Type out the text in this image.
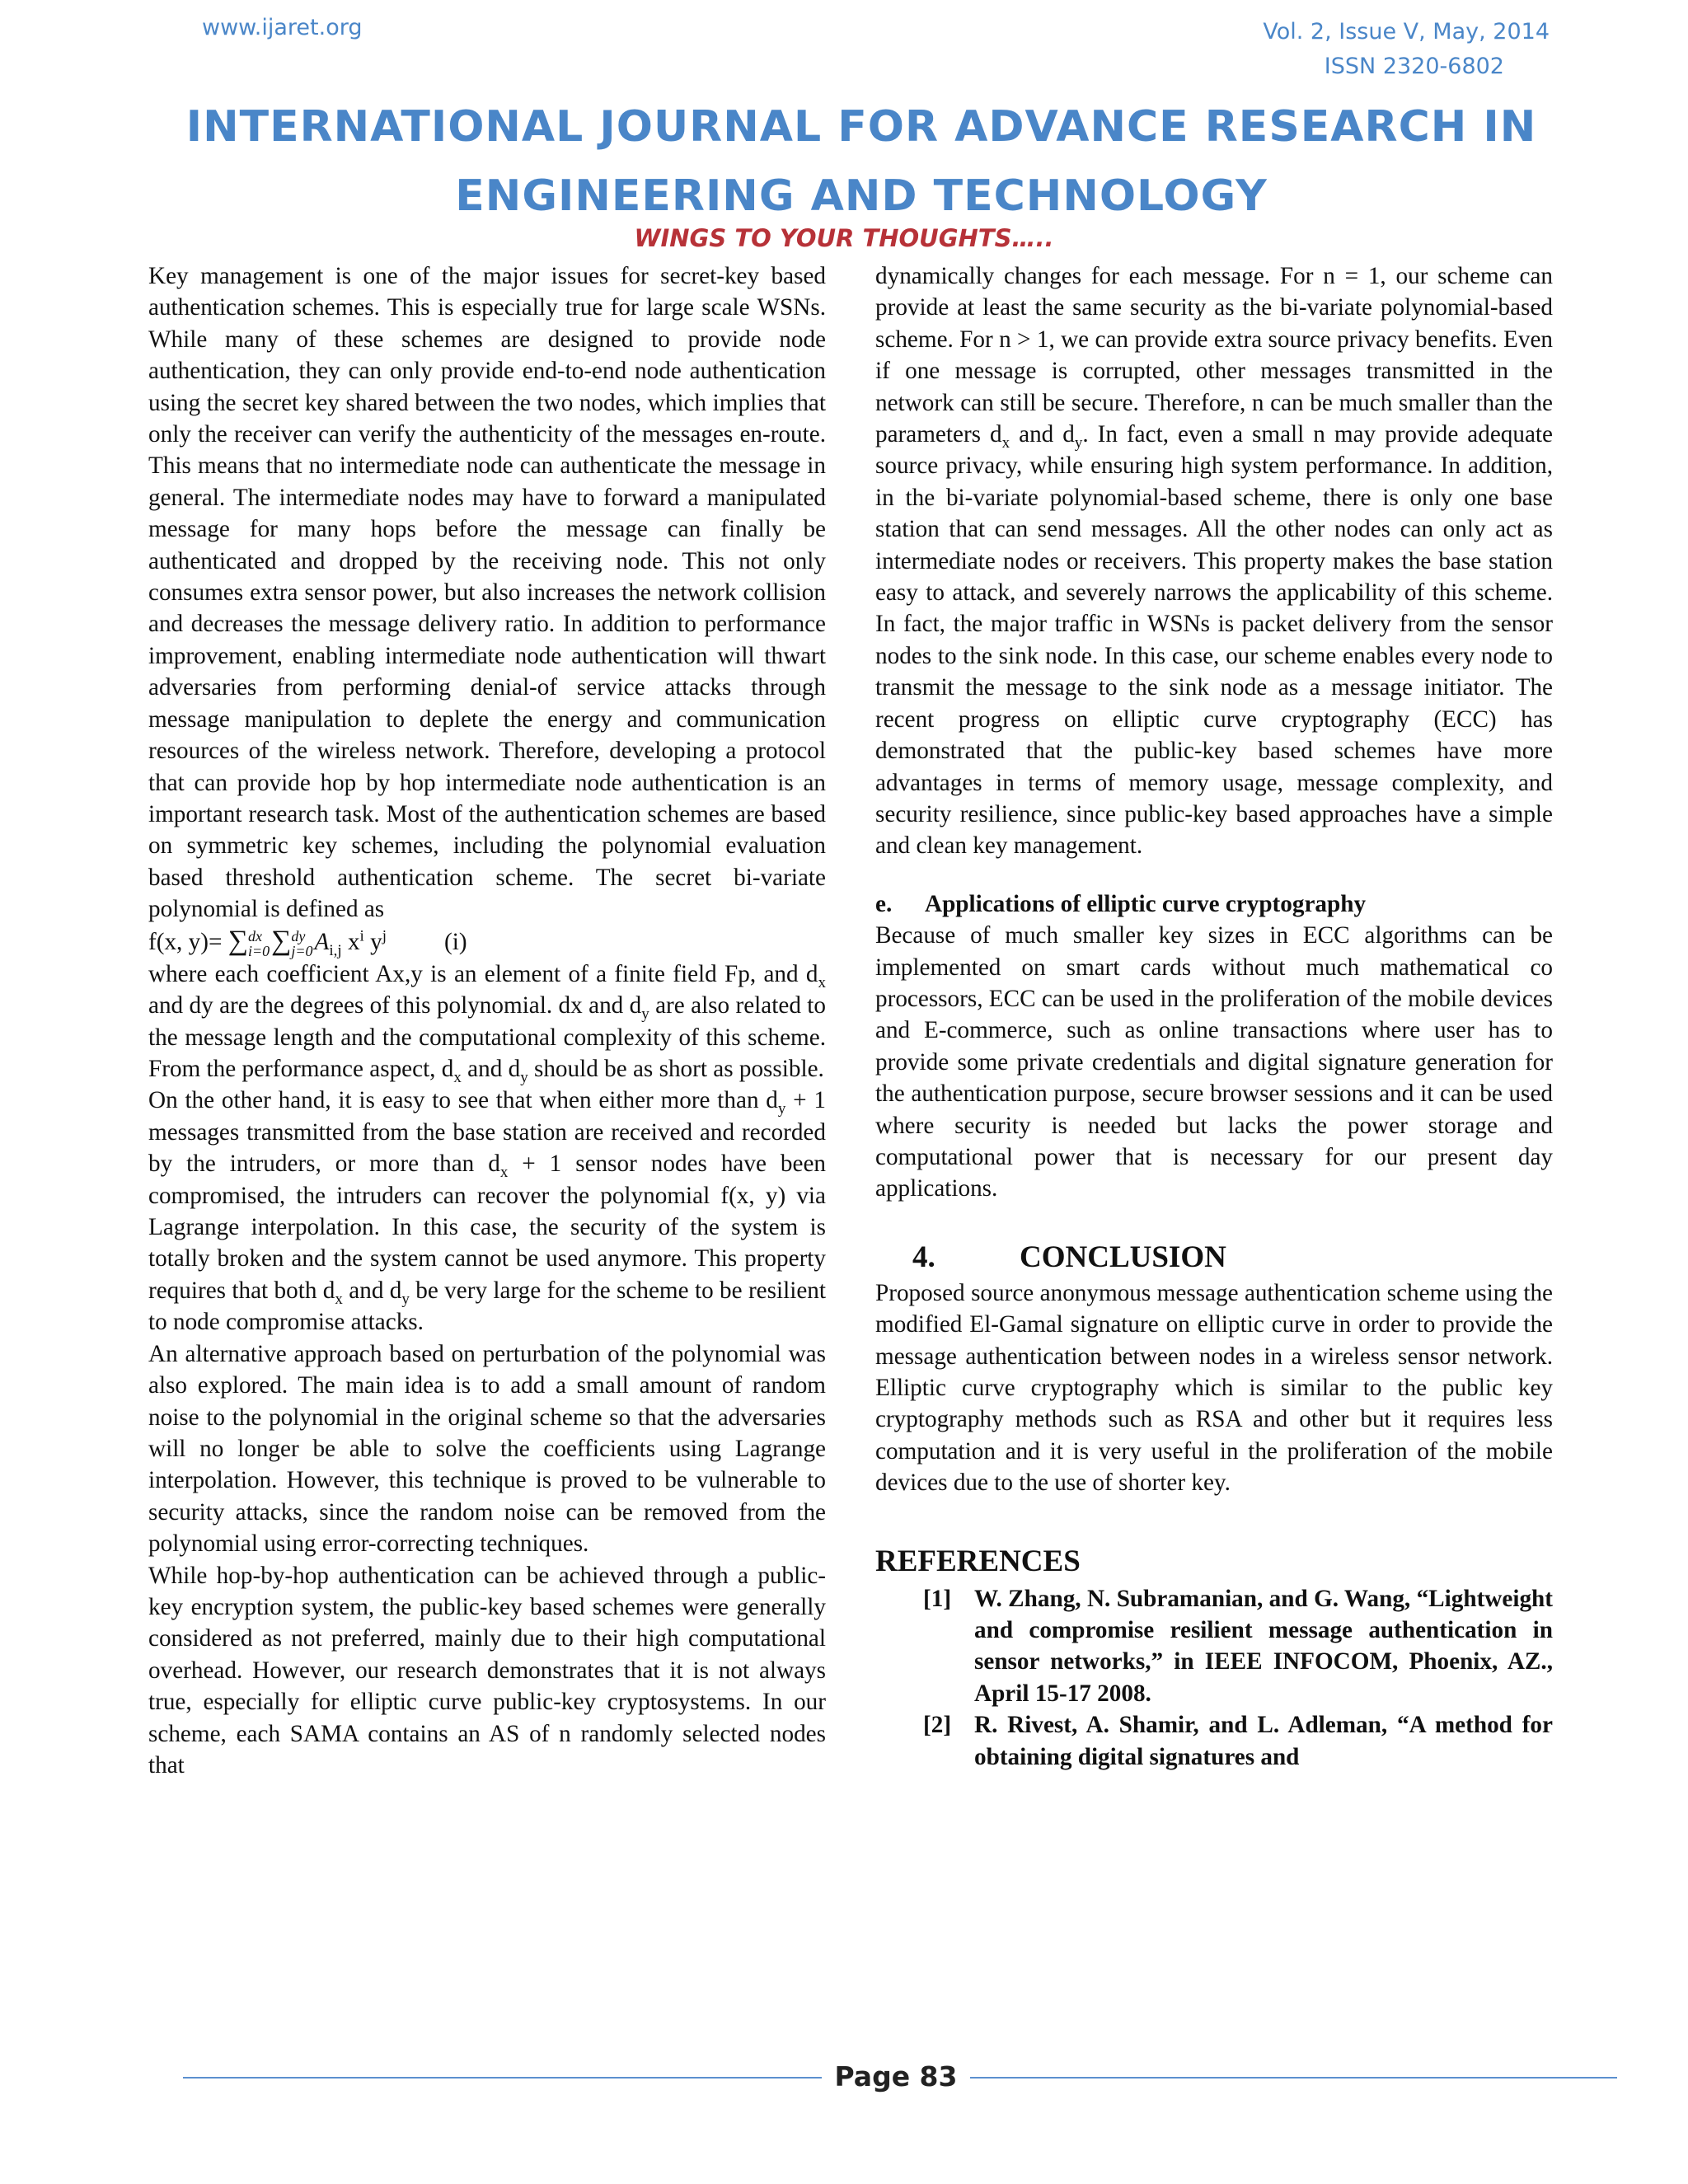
www.ijaret.org	Vol. 2, Issue V, May, 2014
ISSN 2320-6802
INTERNATIONAL JOURNAL FOR ADVANCE RESEARCH IN
ENGINEERING AND TECHNOLOGY
WINGS TO YOUR THOUGHTS…..

Key management is one of the major issues for secret-key based authentication schemes. This is especially true for large scale WSNs. While many of these schemes are designed to provide node authentication, they can only provide end-to-end node authentication using the secret key shared between the two nodes, which implies that only the receiver can verify the authenticity of the messages en-route. This means that no intermediate node can authenticate the message in general. The intermediate nodes may have to forward a manipulated message for many hops before the message can finally be authenticated and dropped by the receiving node. This not only consumes extra sensor power, but also increases the network collision and decreases the message delivery ratio. In addition to performance improvement, enabling intermediate node authentication will thwart adversaries from performing denial-of service attacks through message manipulation to deplete the energy and communication resources of the wireless network. Therefore, developing a protocol that can provide hop by hop intermediate node authentication is an important research task. Most of the authentication schemes are based on symmetric key schemes, including the polynomial evaluation based threshold authentication scheme. The secret bi-variate polynomial is defined as

f(x, y)= ∑dx
i=0∑dy
$j=0A_{i,j}$ $x^i$ $y^j$ (i)

where each coefficient Ax,y is an element of a finite field Fp, and $d_x$ and dy are the degrees of this polynomial. dx and $d_y$ are also related to the message length and the computational complexity of this scheme. From the performance aspect, $d_x$ and $d_y$ should be as short as possible.

On the other hand, it is easy to see that when either more than $d_y + 1$ messages transmitted from the base station are received and recorded by the intruders, or more than $d_x + 1$ sensor nodes have been compromised, the intruders can recover the polynomial f(x, y) via Lagrange interpolation. In this case, the security of the system is totally broken and the system cannot be used anymore. This property requires that both $d_x$ and $d_y$ be very large for the scheme to be resilient to node compromise attacks.

An alternative approach based on perturbation of the polynomial was also explored. The main idea is to add a small amount of random noise to the polynomial in the original scheme so that the adversaries will no longer be able to solve the coefficients using Lagrange interpolation. However, this technique is proved to be vulnerable to security attacks, since the random noise can be removed from the polynomial using error-correcting techniques.

While hop-by-hop authentication can be achieved through a public-key encryption system, the public-key based schemes were generally considered as not preferred, mainly due to their high computational overhead. However, our research demonstrates that it is not always true, especially for elliptic curve public-key cryptosystems. In our scheme, each SAMA contains an AS of n randomly selected nodes that

dynamically changes for each message. For n = 1, our scheme can provide at least the same security as the bi-variate polynomial-based scheme. For n > 1, we can provide extra source privacy benefits. Even if one message is corrupted, other messages transmitted in the network can still be secure. Therefore, n can be much smaller than the parameters $d_x$ and $d_y$. In fact, even a small n may provide adequate source privacy, while ensuring high system performance. In addition, in the bi-variate polynomial-based scheme, there is only one base station that can send messages. All the other nodes can only act as intermediate nodes or receivers. This property makes the base station easy to attack, and severely narrows the applicability of this scheme. In fact, the major traffic in WSNs is packet delivery from the sensor nodes to the sink node. In this case, our scheme enables every node to transmit the message to the sink node as a message initiator. The recent progress on elliptic curve cryptography (ECC) has demonstrated that the public-key based schemes have more advantages in terms of memory usage, message complexity, and security resilience, since public-key based approaches have a simple and clean key management.

e. Applications of elliptic curve cryptography

Because of much smaller key sizes in ECC algorithms can be implemented on smart cards without much mathematical co processors, ECC can be used in the proliferation of the mobile devices and E-commerce, such as online transactions where user has to provide some private credentials and digital signature generation for the authentication purpose, secure browser sessions and it can be used where security is needed but lacks the power storage and computational power that is necessary for our present day applications.

4.	CONCLUSION

Proposed source anonymous message authentication scheme using the modified El-Gamal signature on elliptic curve in order to provide the message authentication between nodes in a wireless sensor network. Elliptic curve cryptography which is similar to the public key cryptography methods such as RSA and other but it requires less computation and it is very useful in the proliferation of the mobile devices due to the use of shorter key.

REFERENCES

[1] W. Zhang, N. Subramanian, and G. Wang, “Lightweight and compromise resilient message authentication in sensor networks,” in IEEE INFOCOM, Phoenix, AZ., April 15-17 2008.
[2] R. Rivest, A. Shamir, and L. Adleman, “A method for obtaining digital signatures and
Page 83
